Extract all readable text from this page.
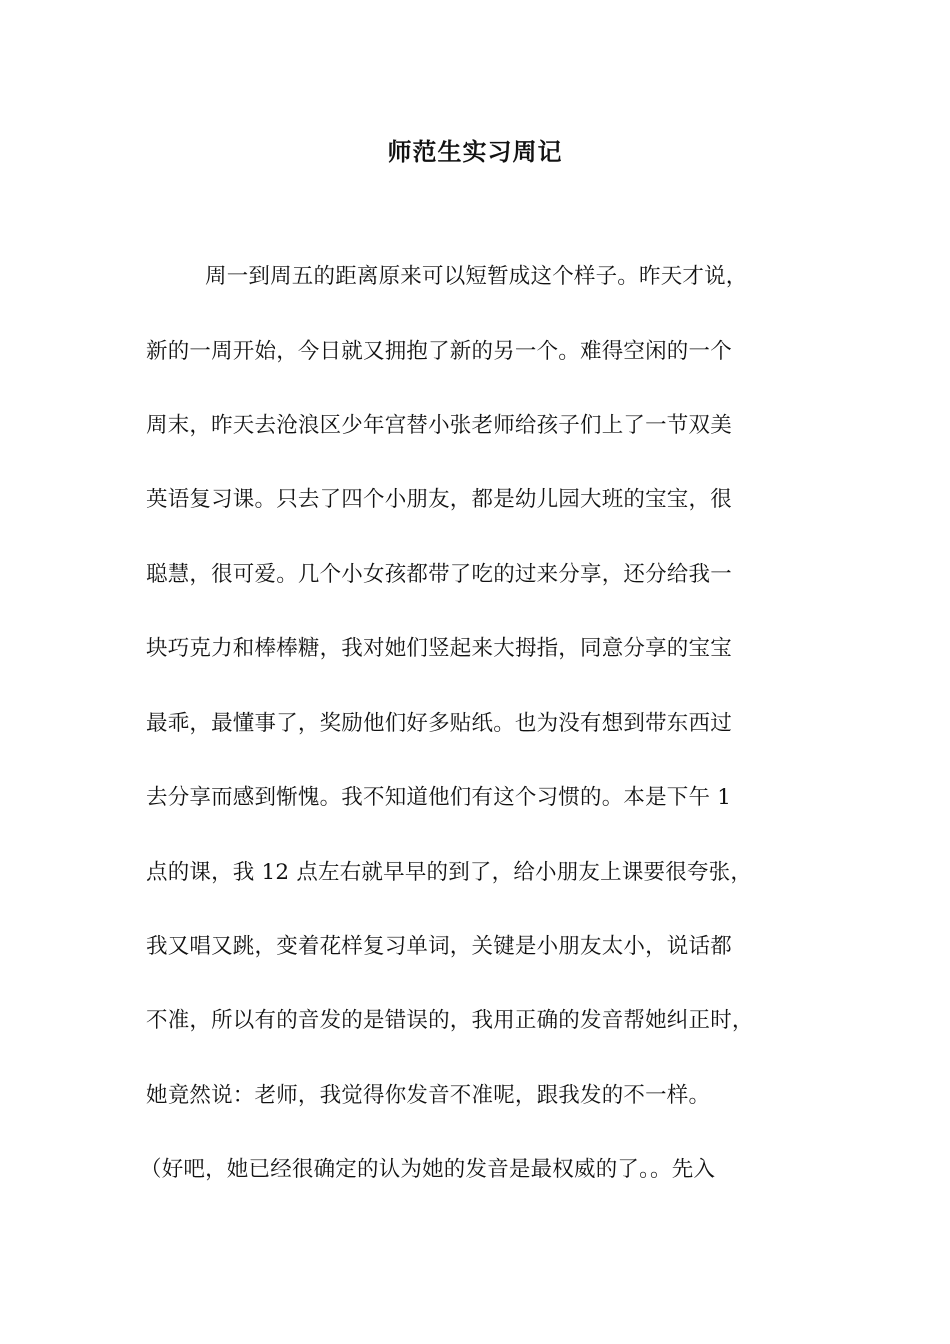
师范生实习周记
周一到周五的距离原来可以短暂成这个样子。昨天才说，
新的一周开始，今日就又拥抱了新的另一个。难得空闲的一个
周末，昨天去沧浪区少年宫替小张老师给孩子们上了一节双美
英语复习课。只去了四个小朋友，都是幼儿园大班的宝宝，很
聪慧，很可爱。几个小女孩都带了吃的过来分享，还分给我一
块巧克力和棒棒糖，我对她们竖起来大拇指，同意分享的宝宝
最乖，最懂事了，奖励他们好多贴纸。也为没有想到带东西过
去分享而感到惭愧。我不知道他们有这个习惯的。本是下午 1
点的课，我 12 点左右就早早的到了，给小朋友上课要很夸张，
我又唱又跳，变着花样复习单词，关键是小朋友太小，说话都
不准，所以有的音发的是错误的，我用正确的发音帮她纠正时，
她竟然说：老师，我觉得你发音不准呢，跟我发的不一样。
（好吧，她已经很确定的认为她的发音是最权威的了。。先入
